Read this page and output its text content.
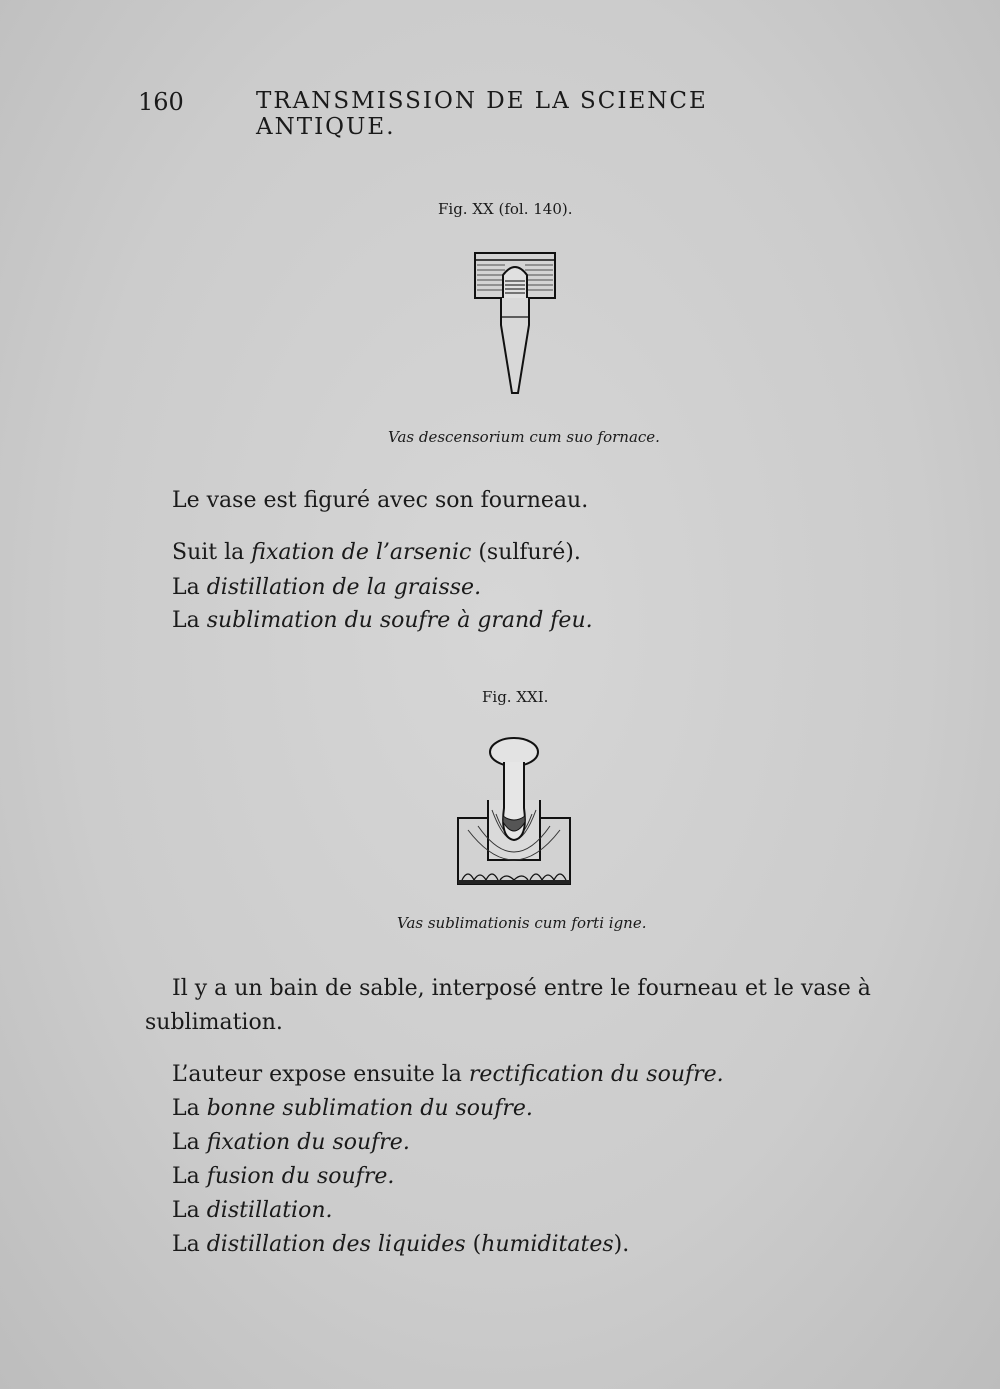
160	TRANSMISSION DE LA SCIENCE ANTIQUE.
Fig. XX (fol. 140).
Vas descensorium cum suo fornace.
Le vase est figuré avec son fourneau.
Suit la fixation de l’arsenic (sulfuré).
La distillation de la graisse.
La sublimation du soufre à grand feu.
Fig. XXI.
Vas sublimationis cum forti igne.
Il y a un bain de sable, interposé entre le fourneau et le vase à
sublimation.
L’auteur expose ensuite la rectification du soufre.
La bonne sublimation du soufre.
La fixation du soufre.
La fusion du soufre.
La distillation.
La distillation des liquides (humiditates).
